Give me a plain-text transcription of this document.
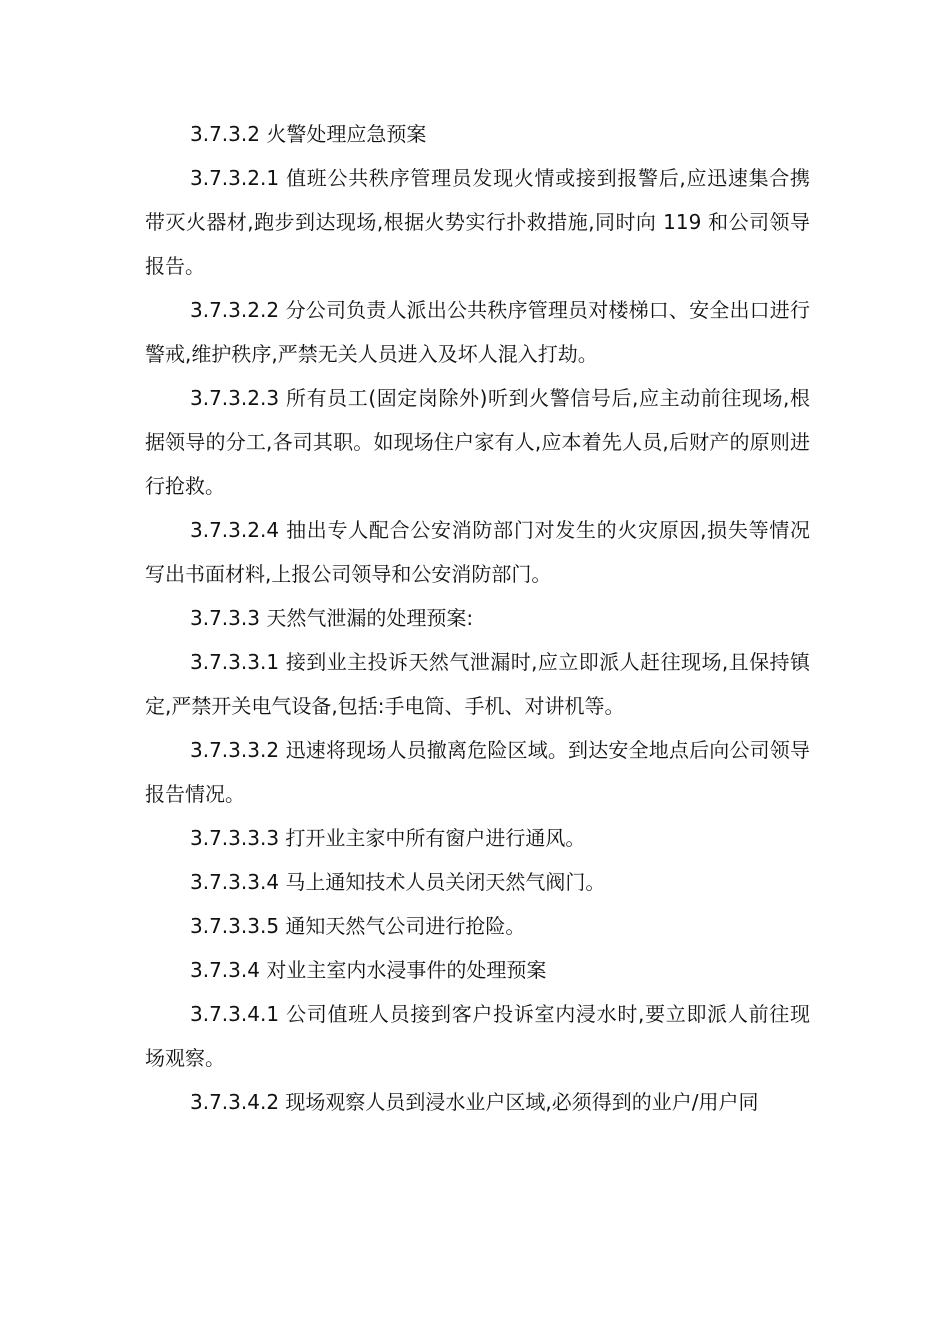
3.7.3.2 火警处理应急预案

3.7.3.2.1 值班公共秩序管理员发现火情或接到报警后,应迅速集合携带灭火器材,跑步到达现场,根据火势实行扑救措施,同时向 119 和公司领导报告。

3.7.3.2.2 分公司负责人派出公共秩序管理员对楼梯口、安全出口进行警戒,维护秩序,严禁无关人员进入及坏人混入打劫。

3.7.3.2.3 所有员工(固定岗除外)听到火警信号后,应主动前往现场,根据领导的分工,各司其职。如现场住户家有人,应本着先人员,后财产的原则进行抢救。

3.7.3.2.4 抽出专人配合公安消防部门对发生的火灾原因,损失等情况写出书面材料,上报公司领导和公安消防部门。

3.7.3.3 天然气泄漏的处理预案:

3.7.3.3.1 接到业主投诉天然气泄漏时,应立即派人赶往现场,且保持镇定,严禁开关电气设备,包括:手电筒、手机、对讲机等。

3.7.3.3.2 迅速将现场人员撤离危险区域。到达安全地点后向公司领导报告情况。

3.7.3.3.3 打开业主家中所有窗户进行通风。

3.7.3.3.4 马上通知技术人员关闭天然气阀门。

3.7.3.3.5 通知天然气公司进行抢险。

3.7.3.4 对业主室内水浸事件的处理预案

3.7.3.4.1 公司值班人员接到客户投诉室内浸水时,要立即派人前往现场观察。

3.7.3.4.2 现场观察人员到浸水业户区域,必须得到的业户/用户同
